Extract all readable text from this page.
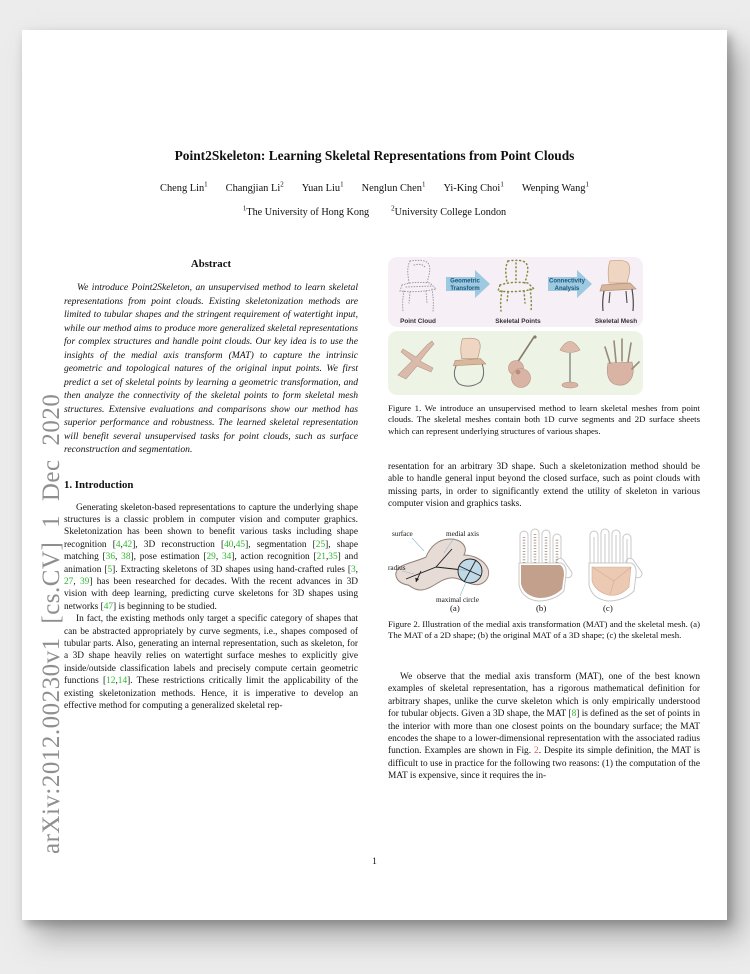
arXiv:2012.00230v1 [cs.CV] 1 Dec 2020
Point2Skeleton: Learning Skeletal Representations from Point Clouds
Cheng Lin$^1$ Changjian Li$^2$ Yuan Liu$^1$ Nenglun Chen$^1$ Yi-King Choi$^1$ Wenping Wang$^1$
$^1$The University of Hong Kong	$^2$University College London
Abstract

We introduce Point2Skeleton, an unsupervised method to learn skeletal representations from point clouds. Existing skeletonization methods are limited to tubular shapes and the stringent requirement of watertight input, while our method aims to produce more generalized skeletal representations for complex structures and handle point clouds. Our key idea is to use the insights of the medial axis transform (MAT) to capture the intrinsic geometric and topological natures of the original input points. We first predict a set of skeletal points by learning a geometric transformation, and then analyze the connectivity of the skeletal points to form skeletal mesh structures. Extensive evaluations and comparisons show our method has superior performance and robustness. The learned skeletal representation will benefit several unsupervised tasks for point clouds, such as surface reconstruction and segmentation.

1. Introduction

Generating skeleton-based representations to capture the underlying shape structures is a classic problem in computer vision and computer graphics. Skeletonization has been shown to benefit various tasks including shape recognition [4,42], 3D reconstruction [40,45], segmentation [25], shape matching [36, 38], pose estimation [29, 34], action recognition [21,35] and animation [5]. Extracting skeletons of 3D shapes using hand-crafted rules [3, 27, 39] has been researched for decades. With the recent advances in 3D vision with deep learning, predicting curve skeletons for 3D shapes using networks [47] is beginning to be studied.

In fact, the existing methods only target a specific category of shapes that can be abstracted appropriately by curve segments, i.e., shapes composed of tubular parts. Also, generating an internal representation, such as skeleton, for a 3D shape heavily relies on watertight surface meshes to explicitly give inside/outside classification labels and precisely compute certain geometric functions [12,14]. These restrictions critically limit the applicability of the existing skeletonization methods. Hence, it is imperative to develop an effective method for computing a generalized skeletal rep-

Geometric
Transform
Connectivity
Analysis
Point Cloud	Skeletal Points	Skeletal Mesh

Figure 1. We introduce an unsupervised method to learn skeletal meshes from point clouds. The skeletal meshes contain both 1D curve segments and 2D surface sheets which can represent underlying structures of various shapes.

resentation for an arbitrary 3D shape. Such a skeletonization method should be able to handle general input beyond the closed surface, such as point clouds with missing parts, in order to significantly extend the utility of skeleton in various computer vision and graphics tasks.

surface	medial axis
radius
maximal circle
(a)	(b)	(c)

Figure 2. Illustration of the medial axis transformation (MAT) and the skeletal mesh. (a) The MAT of a 2D shape; (b) the original MAT of a 3D shape; (c) the skeletal mesh.

We observe that the medial axis transform (MAT), one of the best known examples of skeletal representation, has a rigorous mathematical definition for arbitrary shapes, unlike the curve skeleton which is only empirically understood for tubular objects. Given a 3D shape, the MAT [8] is defined as the set of points in the interior with more than one closest points on the boundary surface; the MAT encodes the shape to a lower-dimensional representation with the associated radius function. Examples are shown in Fig. 2. Despite its simple definition, the MAT is difficult to use in practice for the following two reasons: (1) the computation of the MAT is expensive, since it requires the in-

1
